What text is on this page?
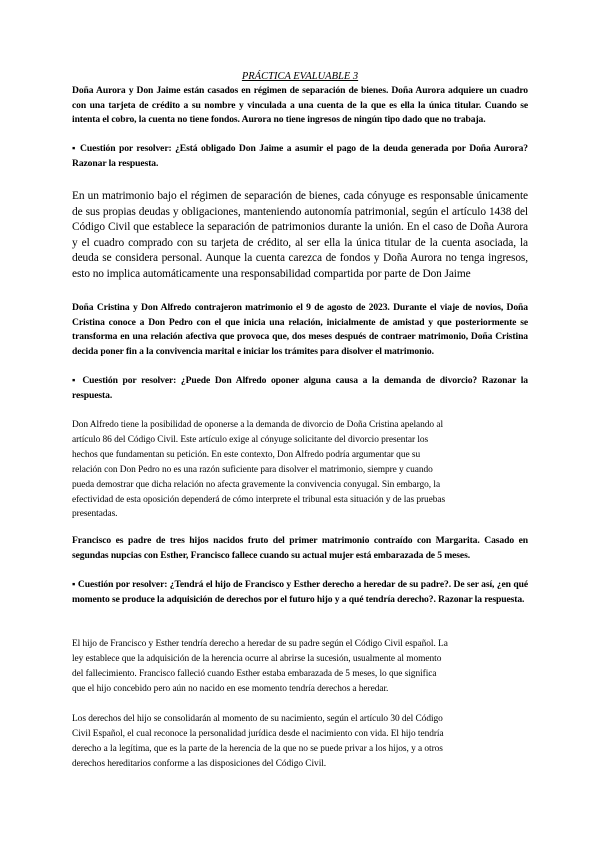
PRÁCTICA EVALUABLE 3

Doña Aurora y Don Jaime están casados en régimen de separación de bienes. Doña Aurora adquiere un cuadro con una tarjeta de crédito a su nombre y vinculada a una cuenta de la que es ella la única titular. Cuando se intenta el cobro, la cuenta no tiene fondos. Aurora no tiene ingresos de ningún tipo dado que no trabaja.

▪ Cuestión por resolver: ¿Está obligado Don Jaime a asumir el pago de la deuda generada por Doña Aurora? Razonar la respuesta.

En un matrimonio bajo el régimen de separación de bienes, cada cónyuge es responsable únicamente de sus propias deudas y obligaciones, manteniendo autonomía patrimonial, según el artículo 1438 del Código Civil que establece la separación de patrimonios durante la unión. En el caso de Doña Aurora y el cuadro comprado con su tarjeta de crédito, al ser ella la única titular de la cuenta asociada, la deuda se considera personal. Aunque la cuenta carezca de fondos y Doña Aurora no tenga ingresos, esto no implica automáticamente una responsabilidad compartida por parte de Don Jaime

Doña Cristina y Don Alfredo contrajeron matrimonio el 9 de agosto de 2023. Durante el viaje de novios, Doña Cristina conoce a Don Pedro con el que inicia una relación, inicialmente de amistad y que posteriormente se transforma en una relación afectiva que provoca que, dos meses después de contraer matrimonio, Doña Cristina decida poner fin a la convivencia marital e iniciar los trámites para disolver el matrimonio.

▪ Cuestión por resolver: ¿Puede Don Alfredo oponer alguna causa a la demanda de divorcio? Razonar la respuesta.

Don Alfredo tiene la posibilidad de oponerse a la demanda de divorcio de Doña Cristina apelando al

artículo 86 del Código Civil. Este artículo exige al cónyuge solicitante del divorcio presentar los

hechos que fundamentan su petición. En este contexto, Don Alfredo podría argumentar que su

relación con Don Pedro no es una razón suficiente para disolver el matrimonio, siempre y cuando

pueda demostrar que dicha relación no afecta gravemente la convivencia conyugal. Sin embargo, la

efectividad de esta oposición dependerá de cómo interprete el tribunal esta situación y de las pruebas

presentadas.

Francisco es padre de tres hijos nacidos fruto del primer matrimonio contraído con Margarita. Casado en segundas nupcias con Esther, Francisco fallece cuando su actual mujer está embarazada de 5 meses.

▪ Cuestión por resolver: ¿Tendrá el hijo de Francisco y Esther derecho a heredar de su padre?. De ser así, ¿en qué momento se produce la adquisición de derechos por el futuro hijo y a qué tendría derecho?. Razonar la respuesta.

El hijo de Francisco y Esther tendría derecho a heredar de su padre según el Código Civil español. La

ley establece que la adquisición de la herencia ocurre al abrirse la sucesión, usualmente al momento

del fallecimiento. Francisco falleció cuando Esther estaba embarazada de 5 meses, lo que significa

que el hijo concebido pero aún no nacido en ese momento tendría derechos a heredar.

Los derechos del hijo se consolidarán al momento de su nacimiento, según el artículo 30 del Código

Civil Español, el cual reconoce la personalidad jurídica desde el nacimiento con vida. El hijo tendría

derecho a la legítima, que es la parte de la herencia de la que no se puede privar a los hijos, y a otros

derechos hereditarios conforme a las disposiciones del Código Civil.
